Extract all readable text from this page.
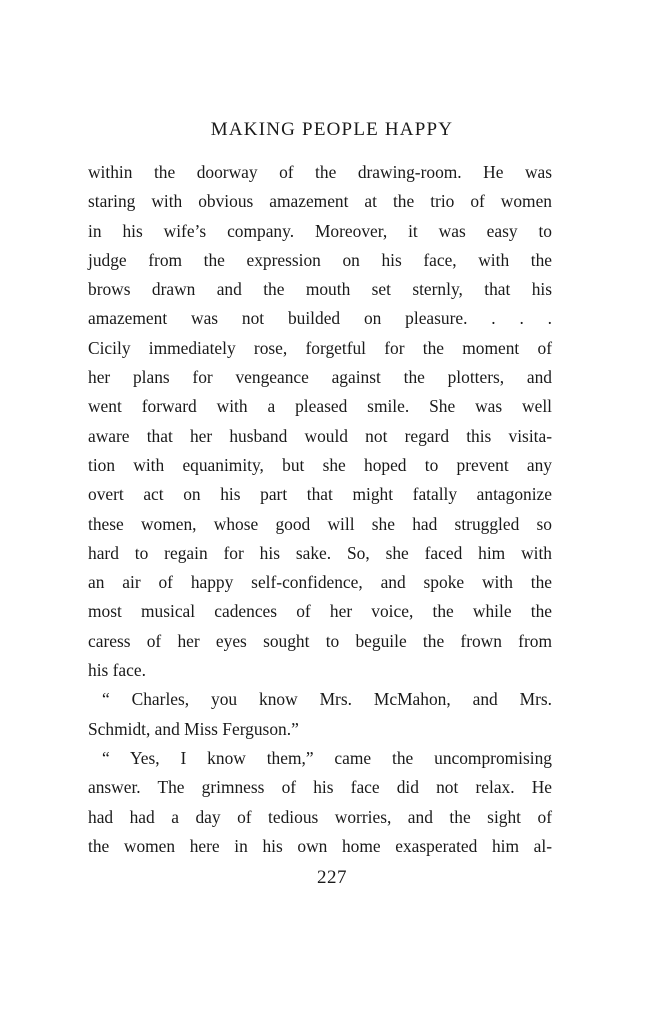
MAKING PEOPLE HAPPY
within the doorway of the drawing-room. He was
staring with obvious amazement at the trio of women
in his wife’s company. Moreover, it was easy to
judge from the expression on his face, with the
brows drawn and the mouth set sternly, that his
amazement was not builded on pleasure. . . .
Cicily immediately rose, forgetful for the moment of
her plans for vengeance against the plotters, and
went forward with a pleased smile. She was well
aware that her husband would not regard this visita-
tion with equanimity, but she hoped to prevent any
overt act on his part that might fatally antagonize
these women, whose good will she had struggled so
hard to regain for his sake. So, she faced him with
an air of happy self-confidence, and spoke with the
most musical cadences of her voice, the while the
caress of her eyes sought to beguile the frown from
his face.
“ Charles, you know Mrs. McMahon, and Mrs.
Schmidt, and Miss Ferguson.”
“ Yes, I know them,” came the uncompromising
answer. The grimness of his face did not relax. He
had had a day of tedious worries, and the sight of
the women here in his own home exasperated him al-
227
